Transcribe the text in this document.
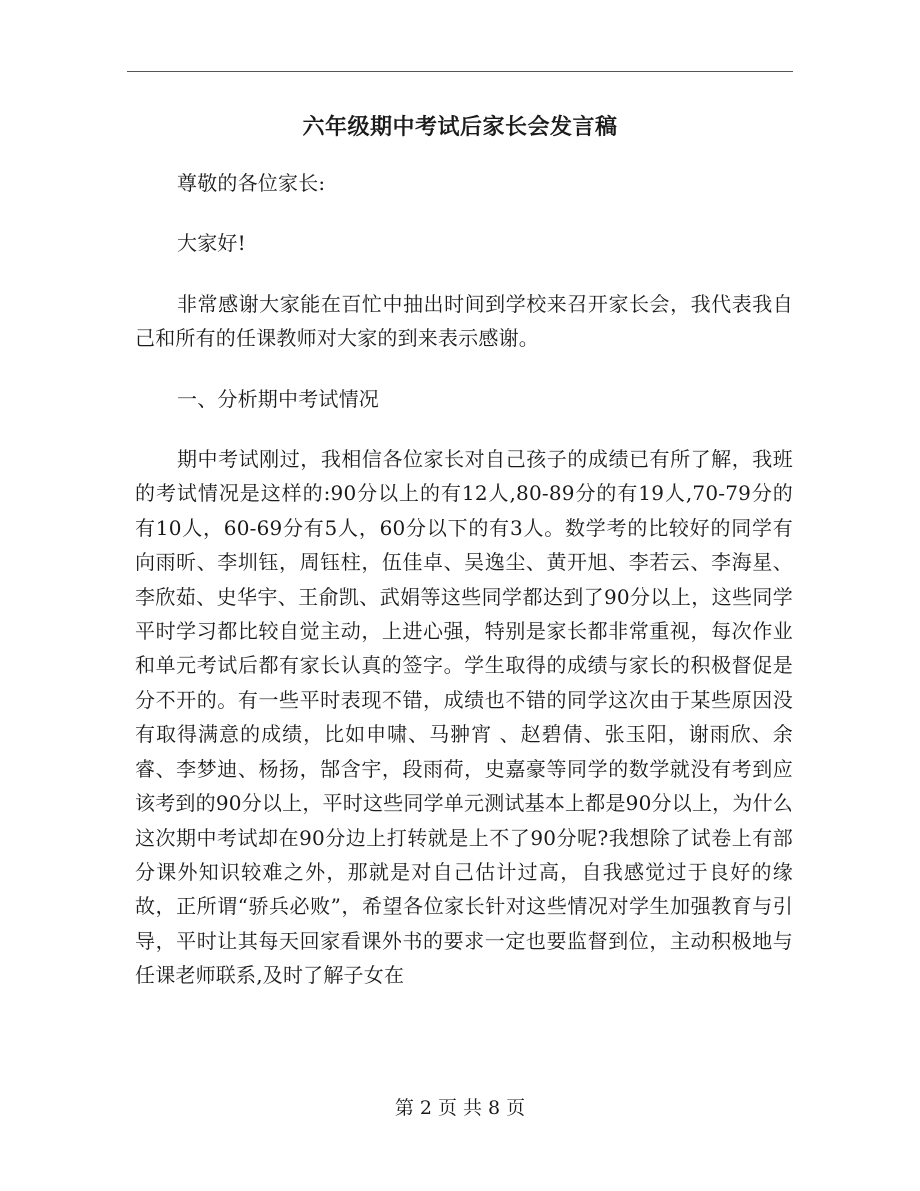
六年级期中考试后家长会发言稿

尊敬的各位家长:

大家好!

非常感谢大家能在百忙中抽出时间到学校来召开家长会，我代表我自己和所有的任课教师对大家的到来表示感谢。

一、分析期中考试情况

期中考试刚过，我相信各位家长对自己孩子的成绩已有所了解，我班的考试情况是这样的:90分以上的有12人,80-89分的有19人,70-79分的有10人，60-69分有5人，60分以下的有3人。数学考的比较好的同学有向雨昕、李圳钰，周钰柱，伍佳卓、吴逸尘、黄开旭、李若云、李海星、李欣茹、史华宇、王俞凯、武娟等这些同学都达到了90分以上，这些同学平时学习都比较自觉主动，上进心强，特别是家长都非常重视，每次作业和单元考试后都有家长认真的签字。学生取得的成绩与家长的积极督促是分不开的。有一些平时表现不错，成绩也不错的同学这次由于某些原因没有取得满意的成绩，比如申啸、马翀宵 、赵碧倩、张玉阳，谢雨欣、余睿、李梦迪、杨扬，郜含宇，段雨荷，史嘉豪等同学的数学就没有考到应该考到的90分以上，平时这些同学单元测试基本上都是90分以上，为什么这次期中考试却在90分边上打转就是上不了90分呢?我想除了试卷上有部分课外知识较难之外，那就是对自己估计过高，自我感觉过于良好的缘故，正所谓“骄兵必败”，希望各位家长针对这些情况对学生加强教育与引导，平时让其每天回家看课外书的要求一定也要监督到位，主动积极地与任课老师联系,及时了解子女在

第 2 页 共 8 页
